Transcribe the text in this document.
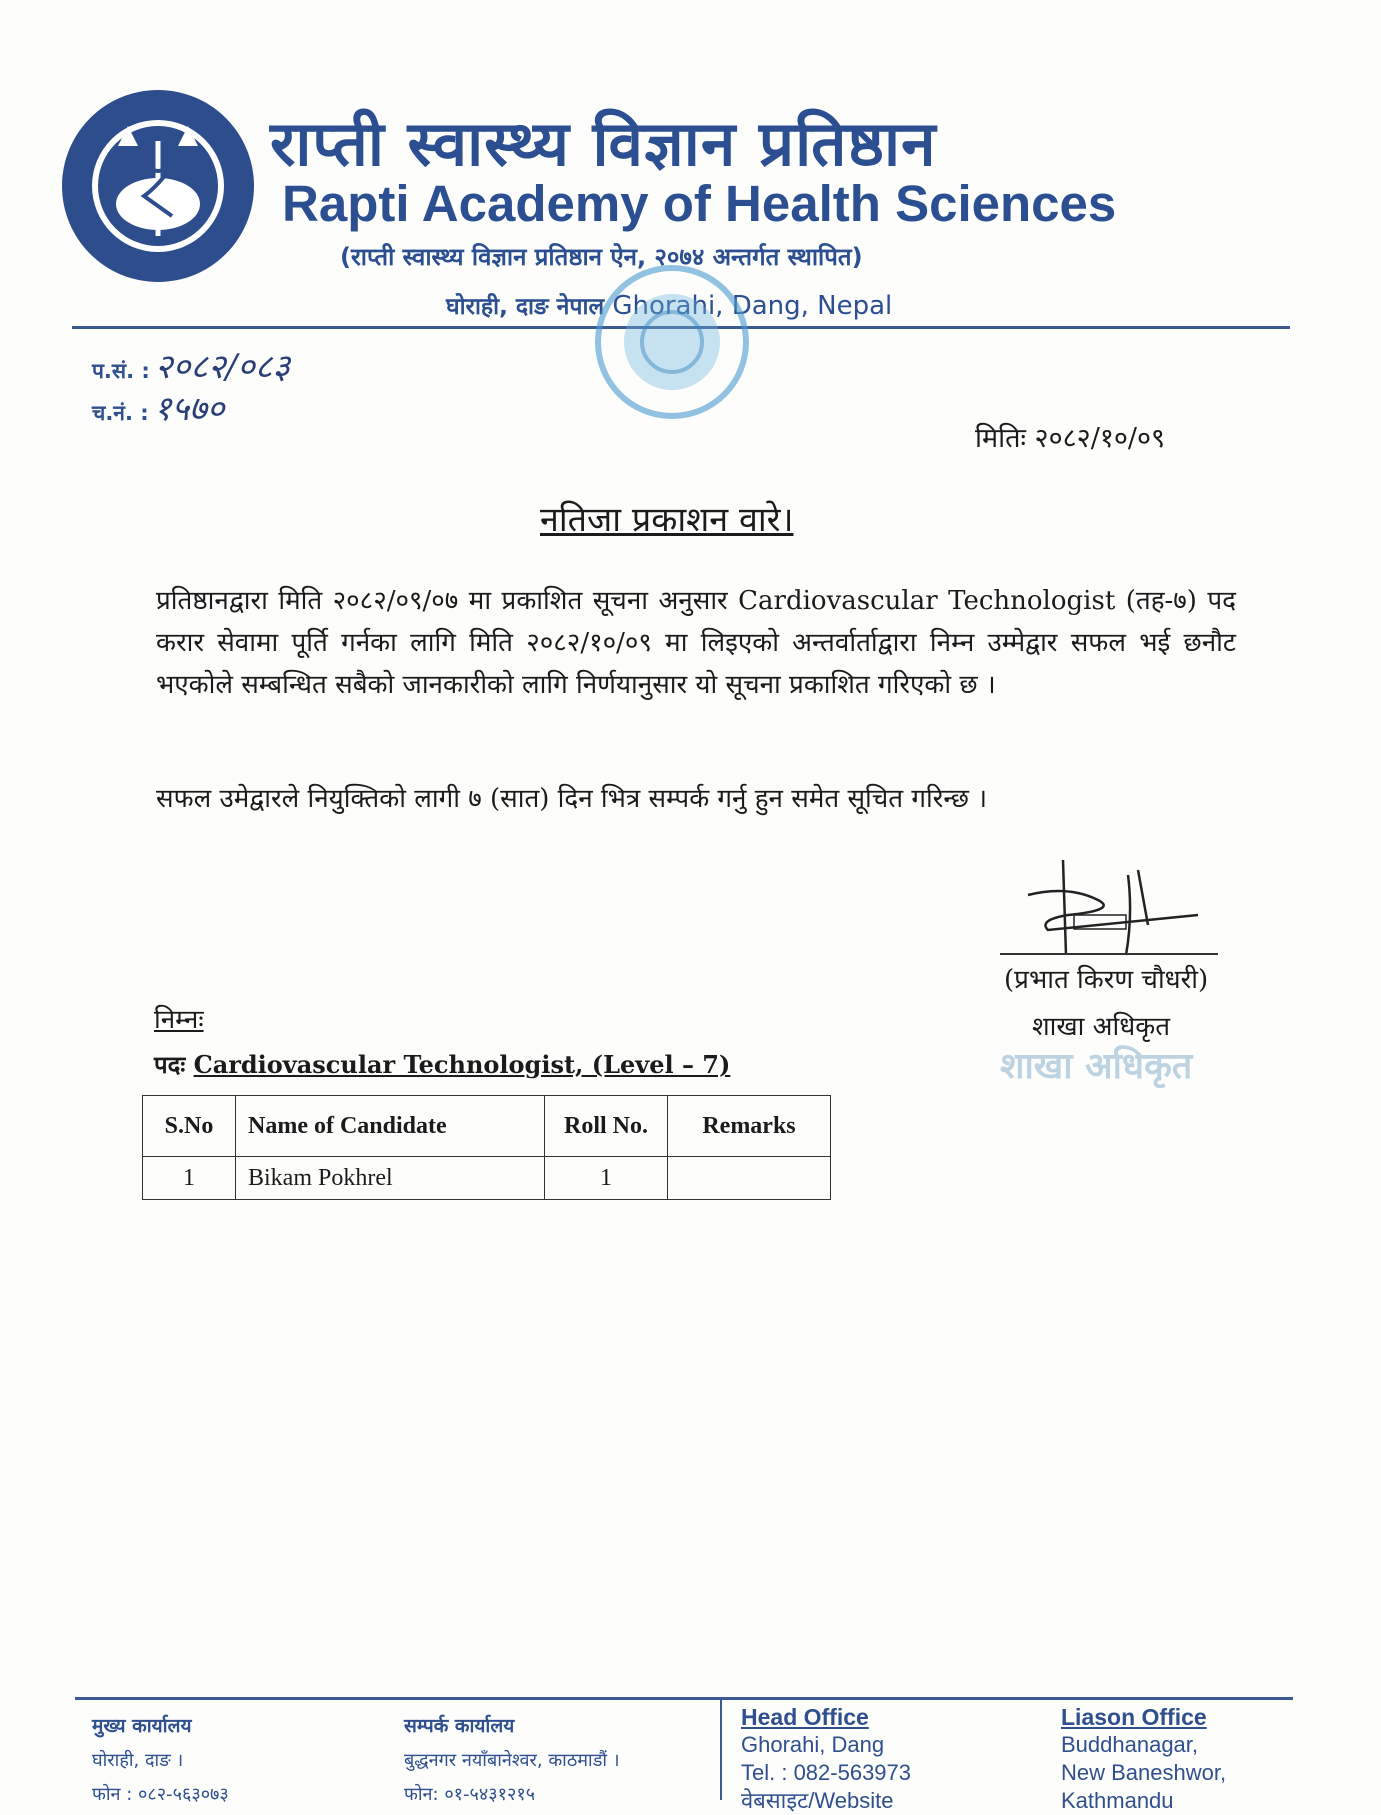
राप्ती स्वास्थ्य विज्ञान प्रतिष्ठान
Rapti Academy of Health Sciences
(राप्ती स्वास्थ्य विज्ञान प्रतिष्ठान ऐन, २०७४ अन्तर्गत स्थापित)
घोराही, दाङ नेपाल Ghorahi, Dang, Nepal
प.सं. : २०८२/०८३
च.नं. : १५७०
मितिः २०८२/१०/०९
नतिजा प्रकाशन वारे।
प्रतिष्ठानद्वारा मिति २०८२/०९/०७ मा प्रकाशित सूचना अनुसार Cardiovascular Technologist (तह-७) पद करार सेवामा पूर्ति गर्नका लागि मिति २०८२/१०/०९ मा लिइएको अन्तर्वार्ताद्वारा निम्न उम्मेद्वार सफल भई छनौट भएकोले सम्बन्धित सबैको जानकारीको लागि निर्णयानुसार यो सूचना प्रकाशित गरिएको छ ।
सफल उमेद्वारले नियुक्तिको लागी ७ (सात) दिन भित्र सम्पर्क गर्नु हुन समेत सूचित गरिन्छ ।
(प्रभात किरण चौधरी)
शाखा अधिकृत
शाखा अधिकृत
निम्नः
पदः Cardiovascular Technologist, (Level – 7)
S.No	Name of Candidate	Roll No.	Remarks
1	Bikam Pokhrel	1	
मुख्य कार्यालय
घोराही, दाङ ।
फोन : ०८२-५६३०७३
सम्पर्क कार्यालय
बुद्धनगर नयाँबानेश्वर, काठमाडौं ।
फोन: ०१-५४३१२१५
Head Office
Ghorahi, Dang
Tel. : 082-563973
वेबसाइट/Website
Liason Office
Buddhanagar,
New Baneshwor,
Kathmandu
